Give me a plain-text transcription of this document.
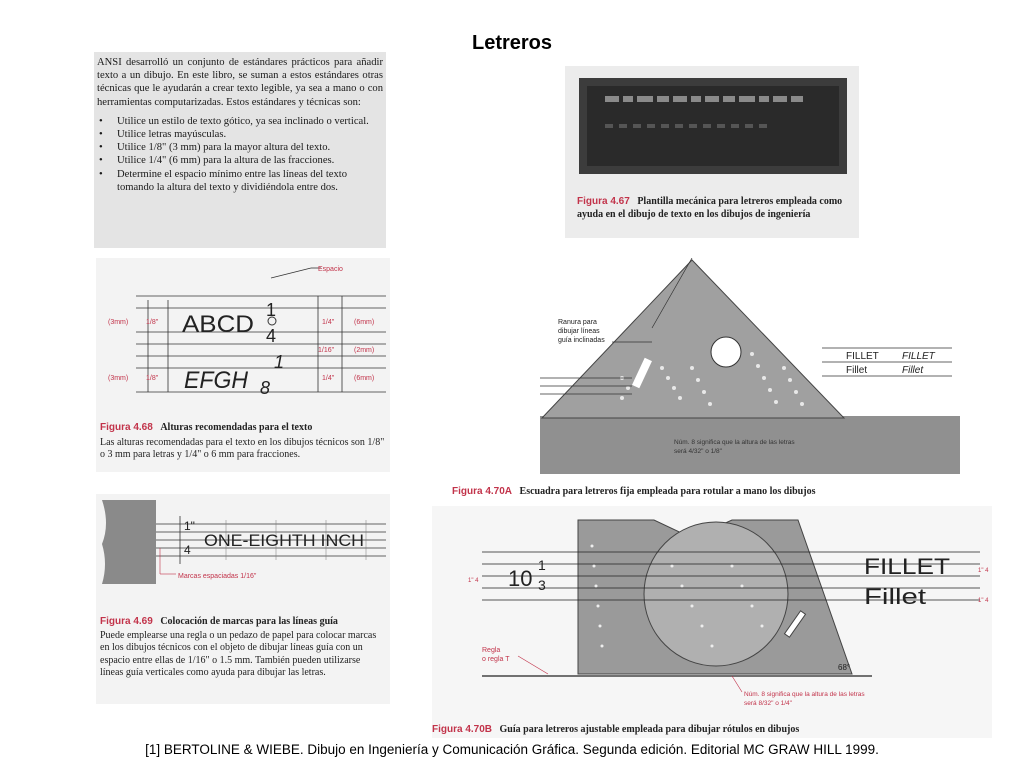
Letreros
ANSI desarrolló un conjunto de estándares prácticos para añadir texto a un dibujo. En este libro, se suman a estos estándares otras técnicas que le ayudarán a crear texto legible, ya sea a mano o con herramientas computarizadas. Estos estándares y técnicas son:
• Utilice un estilo de texto gótico, ya sea inclinado o vertical.
• Utilice letras mayúsculas.
• Utilice 1/8" (3 mm) para la mayor altura del texto.
• Utilice 1/4" (6 mm) para la altura de las fracciones.
• Determine el espacio mínimo entre las líneas del texto tomando la altura del texto y dividiéndola entre dos.
Figura 4.67 Plantilla mecánica para letreros empleada como ayuda en el dibujo de texto en los dibujos de ingeniería
Espacio
(3mm)	1/8" ABCD
1
4
1/4"	(6mm)
1/16"	(2mm)
(3mm)	1/8" EFGH
1
8	1/4"	(6mm)
Figura 4.68 Alturas recomendadas para el texto
Las alturas recomendadas para el texto en los dibujos técnicos son 1/8" o 3 mm para letras y 1/4" o 6 mm para fracciones.
1"
4 ONE-EIGHTH INCH
Marcas espaciadas 1/16"
Figura 4.69 Colocación de marcas para las líneas guía
Puede emplearse una regla o un pedazo de papel para colocar marcas en los dibujos técnicos con el objeto de dibujar líneas guía con un espacio entre ellas de 1/16" o 1.5 mm. También pueden utilizarse líneas guía verticales como ayuda para dibujar las letras.
Ranura para
dibujar líneas
guía inclinadas
FILLET FILLET
Fillet	Fillet
Núm. 8 significa que la altura de las letras
será 4/32" o 1/8"
Figura 4.70A Escuadra para letreros fija empleada para rotular a mano los dibujos
10
1
3
FILLET
Fillet
Regla
o regla T
68°
Núm. 8 significa que la altura de las letras
será 8/32" o 1/4"
1" 4
1" 4
1" 4
Figura 4.70B Guía para letreros ajustable empleada para dibujar rótulos en dibujos
[1] BERTOLINE & WIEBE. Dibujo en Ingeniería y Comunicación Gráfica. Segunda edición. Editorial MC GRAW HILL 1999.
